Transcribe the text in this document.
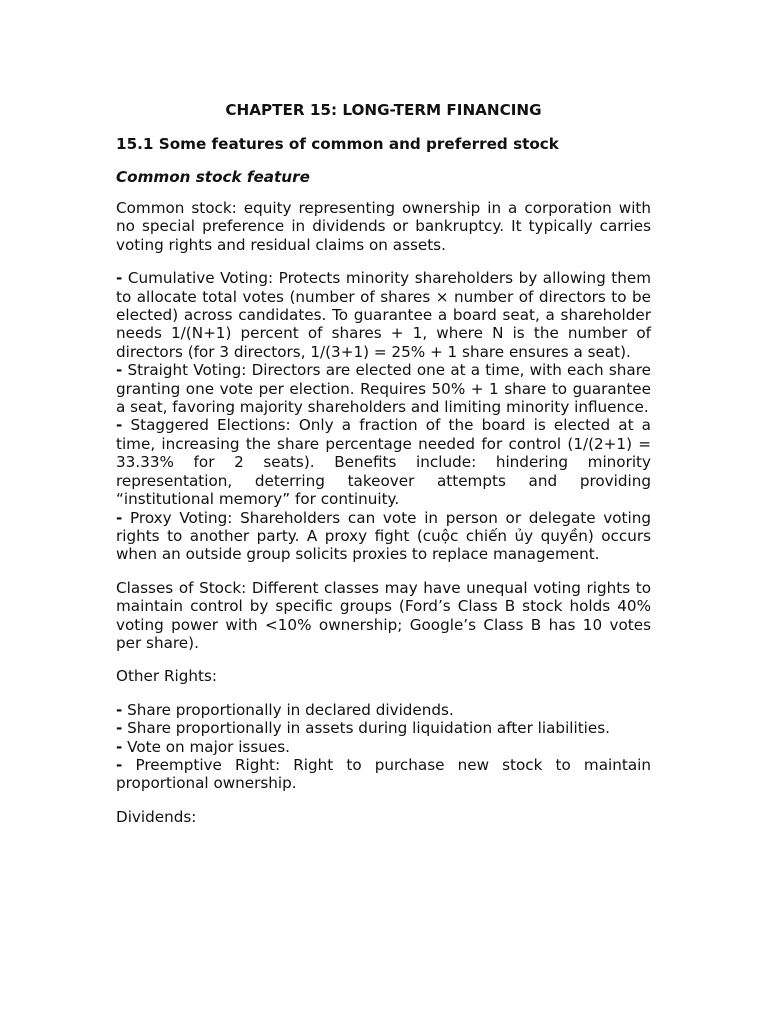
CHAPTER 15: LONG-TERM FINANCING
15.1 Some features of common and preferred stock
Common stock feature

Common stock: equity representing ownership in a corporation with no special preference in dividends or bankruptcy. It typically carries voting rights and residual claims on assets.

- Cumulative Voting: Protects minority shareholders by allowing them to allocate total votes (number of shares × number of directors to be elected) across candidates. To guarantee a board seat, a shareholder needs 1/(N+1) percent of shares + 1, where N is the number of directors (for 3 directors, 1/(3+1) = 25% + 1 share ensures a seat).

- Straight Voting: Directors are elected one at a time, with each share granting one vote per election. Requires 50% + 1 share to guarantee a seat, favoring majority shareholders and limiting minority influence.

- Staggered Elections: Only a fraction of the board is elected at a time, increasing the share percentage needed for control (1/(2+1) = 33.33% for 2 seats). Benefits include: hindering minority representation, deterring takeover attempts and providing “institutional memory” for continuity.

- Proxy Voting: Shareholders can vote in person or delegate voting rights to another party. A proxy fight (cuộc chiến ủy quyền) occurs when an outside group solicits proxies to replace management.

Classes of Stock: Different classes may have unequal voting rights to maintain control by specific groups (Ford’s Class B stock holds 40% voting power with <10% ownership; Google’s Class B has 10 votes per share).

Other Rights:

- Share proportionally in declared dividends.

- Share proportionally in assets during liquidation after liabilities.

- Vote on major issues.

- Preemptive Right: Right to purchase new stock to maintain proportional ownership.

Dividends:
